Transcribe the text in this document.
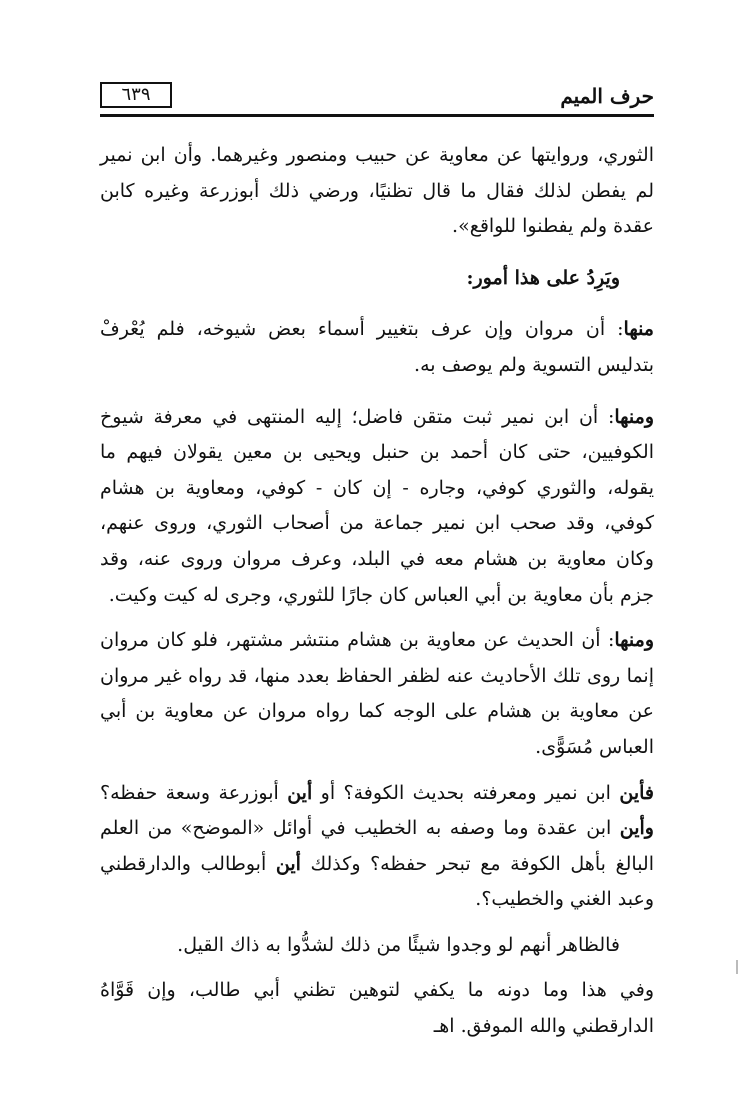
حرف الميم
٦٣٩

الثوري، وروايتها عن معاوية عن حبيب ومنصور وغيرهما. وأن ابن نمير لم يفطن لذلك فقال ما قال تظنيًا، ورضي ذلك أبوزرعة وغيره كابن عقدة ولم يفطنوا للواقع».

ويَرِدُ على هذا أمور:

منها: أن مروان وإن عرف بتغيير أسماء بعض شيوخه، فلم يُعْرفْ بتدليس التسوية ولم يوصف به.

ومنها: أن ابن نمير ثبت متقن فاضل؛ إليه المنتهى في معرفة شيوخ الكوفيين، حتى كان أحمد بن حنبل ويحيى بن معين يقولان فيهم ما يقوله، والثوري كوفي، وجاره - إن كان - كوفي، ومعاوية بن هشام كوفي، وقد صحب ابن نمير جماعة من أصحاب الثوري، وروى عنهم، وكان معاوية بن هشام معه في البلد، وعرف مروان وروى عنه، وقد جزم بأن معاوية بن أبي العباس كان جارًا للثوري، وجرى له كيت وكيت.

ومنها: أن الحديث عن معاوية بن هشام منتشر مشتهر، فلو كان مروان إنما روى تلك الأحاديث عنه لظفر الحفاظ بعدد منها، قد رواه غير مروان عن معاوية بن هشام على الوجه كما رواه مروان عن معاوية بن أبي العباس مُسَوًّى.

فأين ابن نمير ومعرفته بحديث الكوفة؟ أو أين أبوزرعة وسعة حفظه؟ وأين ابن عقدة وما وصفه به الخطيب في أوائل «الموضح» من العلم البالغ بأهل الكوفة مع تبحر حفظه؟ وكذلك أين أبوطالب والدارقطني وعبد الغني والخطيب؟.

فالظاهر أنهم لو وجدوا شيئًا من ذلك لشدُّوا به ذاك القيل.

وفي هذا وما دونه ما يكفي لتوهين تظني أبي طالب، وإن قَوَّاهُ الدارقطني والله الموفق. اهـ
